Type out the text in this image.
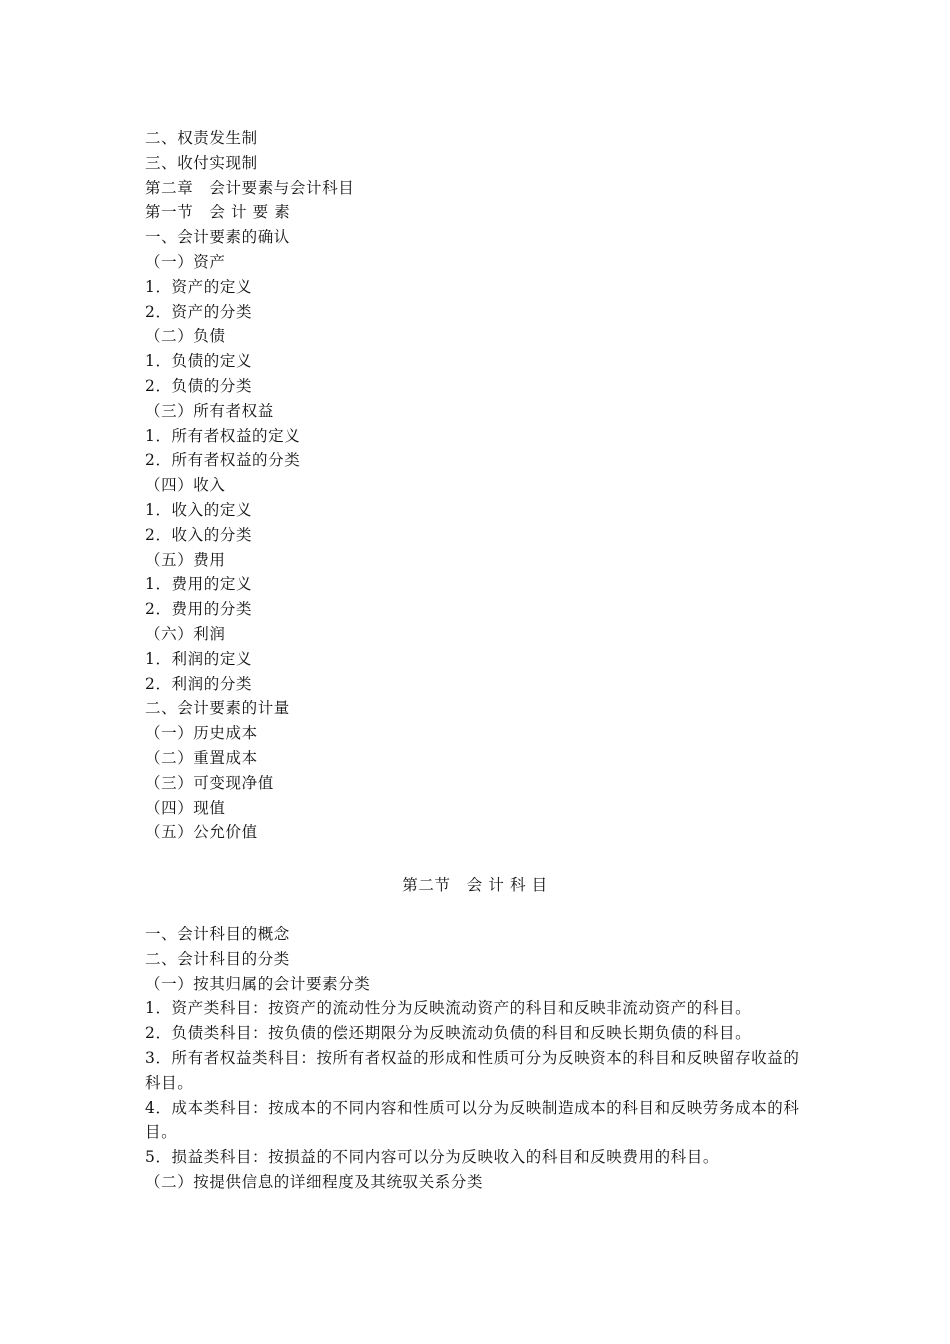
二、权责发生制
三、收付实现制
第二章　会计要素与会计科目
第一节　会 计 要 素
一、会计要素的确认
（一）资产
1．资产的定义
2．资产的分类
（二）负债
1．负债的定义
2．负债的分类
（三）所有者权益
1．所有者权益的定义
2．所有者权益的分类
（四）收入
1．收入的定义
2．收入的分类
（五）费用
1．费用的定义
2．费用的分类
（六）利润
1．利润的定义
2．利润的分类
二、会计要素的计量
（一）历史成本
（二）重置成本
（三）可变现净值
（四）现值
（五）公允价值
第二节　会 计 科 目
一、会计科目的概念
二、会计科目的分类
（一）按其归属的会计要素分类
1．资产类科目：按资产的流动性分为反映流动资产的科目和反映非流动资产的科目。
2．负债类科目：按负债的偿还期限分为反映流动负债的科目和反映长期负债的科目。
3．所有者权益类科目：按所有者权益的形成和性质可分为反映资本的科目和反映留存收益的科目。
4．成本类科目：按成本的不同内容和性质可以分为反映制造成本的科目和反映劳务成本的科目。
5．损益类科目：按损益的不同内容可以分为反映收入的科目和反映费用的科目。
（二）按提供信息的详细程度及其统驭关系分类
